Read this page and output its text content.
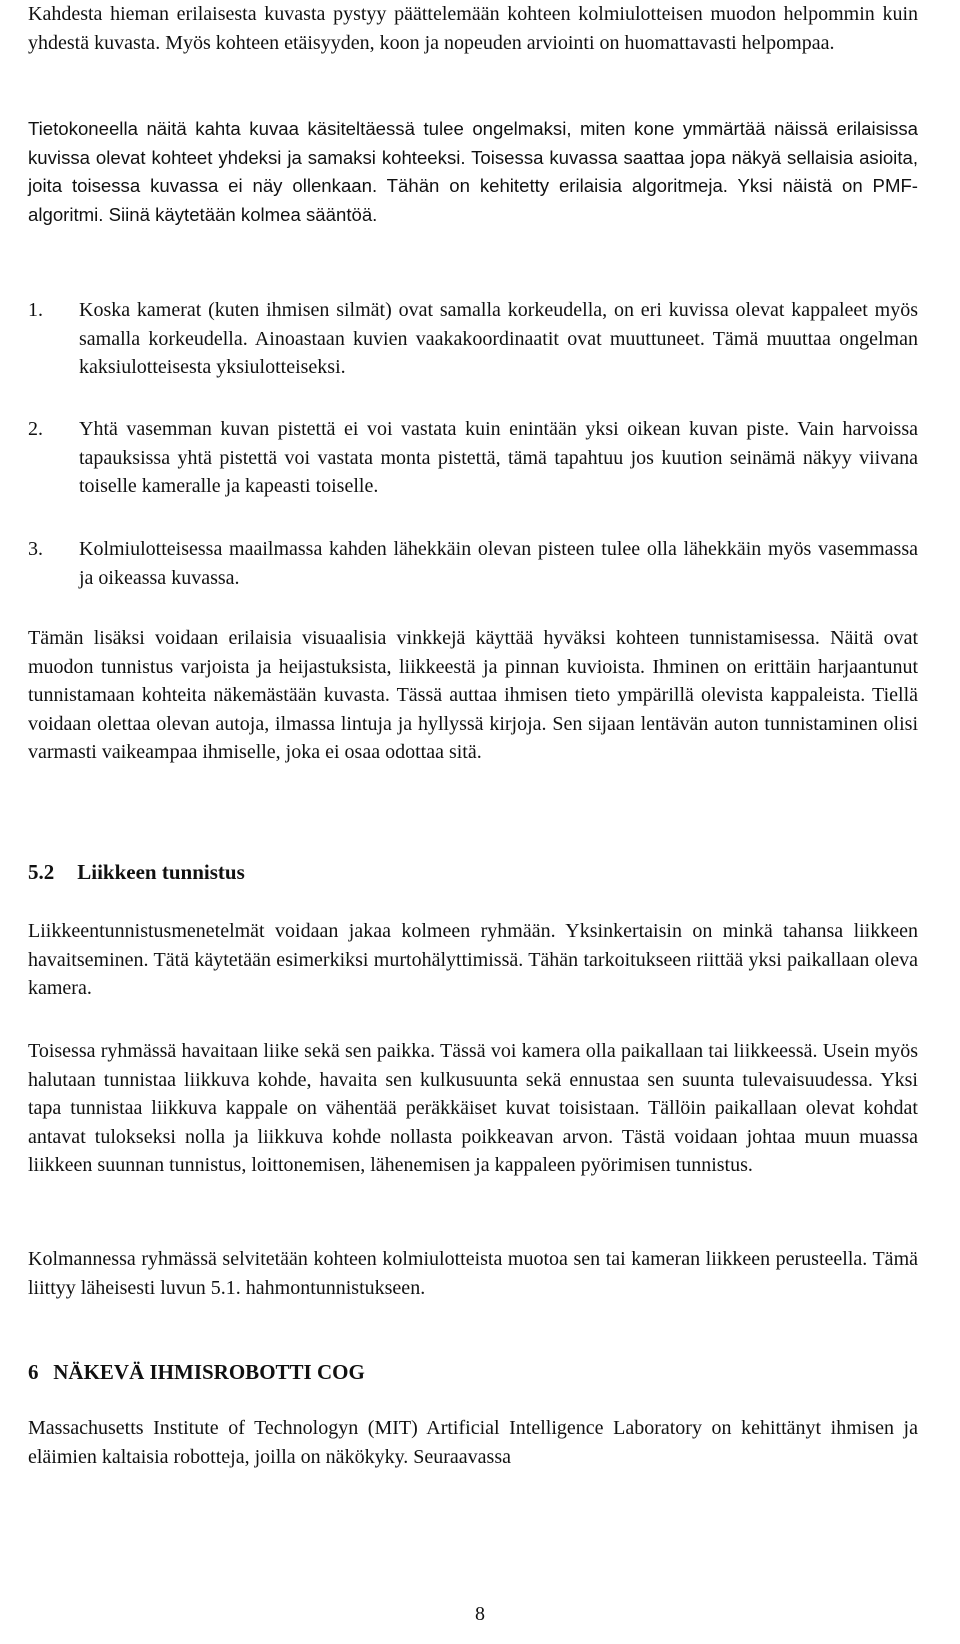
Kahdesta hieman erilaisesta kuvasta pystyy päättelemään kohteen kolmiulotteisen muodon helpommin kuin yhdestä kuvasta. Myös kohteen etäisyyden, koon ja nopeuden arviointi on huomattavasti helpompaa.

Tietokoneella näitä kahta kuvaa käsiteltäessä tulee ongelmaksi, miten kone ymmärtää näissä erilaisissa kuvissa olevat kohteet yhdeksi ja samaksi kohteeksi. Toisessa kuvassa saattaa jopa näkyä sellaisia asioita, joita toisessa kuvassa ei näy ollenkaan. Tähän on kehitetty erilaisia algoritmeja. Yksi näistä on PMF-algoritmi. Siinä käytetään kolmea sääntöä.

1.	Koska kamerat (kuten ihmisen silmät) ovat samalla korkeudella, on eri kuvissa olevat kappaleet myös samalla korkeudella. Ainoastaan kuvien vaakakoordinaatit ovat muuttuneet. Tämä muuttaa ongelman kaksiulotteisesta yksiulotteiseksi.
2.	Yhtä vasemman kuvan pistettä ei voi vastata kuin enintään yksi oikean kuvan piste. Vain harvoissa tapauksissa yhtä pistettä voi vastata monta pistettä, tämä tapahtuu jos kuution seinämä näkyy viivana toiselle kameralle ja kapeasti toiselle.
3.	Kolmiulotteisessa maailmassa kahden lähekkäin olevan pisteen tulee olla lähekkäin myös vasemmassa ja oikeassa kuvassa.

Tämän lisäksi voidaan erilaisia visuaalisia vinkkejä käyttää hyväksi kohteen tunnistamisessa. Näitä ovat muodon tunnistus varjoista ja heijastuksista, liikkeestä ja pinnan kuvioista. Ihminen on erittäin harjaantunut tunnistamaan kohteita näkemästään kuvasta. Tässä auttaa ihmisen tieto ympärillä olevista kappaleista. Tiellä voidaan olettaa olevan autoja, ilmassa lintuja ja hyllyssä kirjoja. Sen sijaan lentävän auton tunnistaminen olisi varmasti vaikeampaa ihmiselle, joka ei osaa odottaa sitä.

5.2 Liikkeen tunnistus

Liikkeentunnistusmenetelmät voidaan jakaa kolmeen ryhmään. Yksinkertaisin on minkä tahansa liikkeen havaitseminen. Tätä käytetään esimerkiksi murtohälyttimissä. Tähän tarkoitukseen riittää yksi paikallaan oleva kamera.

Toisessa ryhmässä havaitaan liike sekä sen paikka. Tässä voi kamera olla paikallaan tai liikkeessä. Usein myös halutaan tunnistaa liikkuva kohde, havaita sen kulkusuunta sekä ennustaa sen suunta tulevaisuudessa. Yksi tapa tunnistaa liikkuva kappale on vähentää peräkkäiset kuvat toisistaan. Tällöin paikallaan olevat kohdat antavat tulokseksi nolla ja liikkuva kohde nollasta poikkeavan arvon. Tästä voidaan johtaa muun muassa liikkeen suunnan tunnistus, loittonemisen, lähenemisen ja kappaleen pyörimisen tunnistus.

Kolmannessa ryhmässä selvitetään kohteen kolmiulotteista muotoa sen tai kameran liikkeen perusteella. Tämä liittyy läheisesti luvun 5.1. hahmontunnistukseen.

6 NÄKEVÄ IHMISROBOTTI COG

Massachusetts Institute of Technologyn (MIT) Artificial Intelligence Laboratory on kehittänyt ihmisen ja eläimien kaltaisia robotteja, joilla on näkökyky. Seuraavassa

8
